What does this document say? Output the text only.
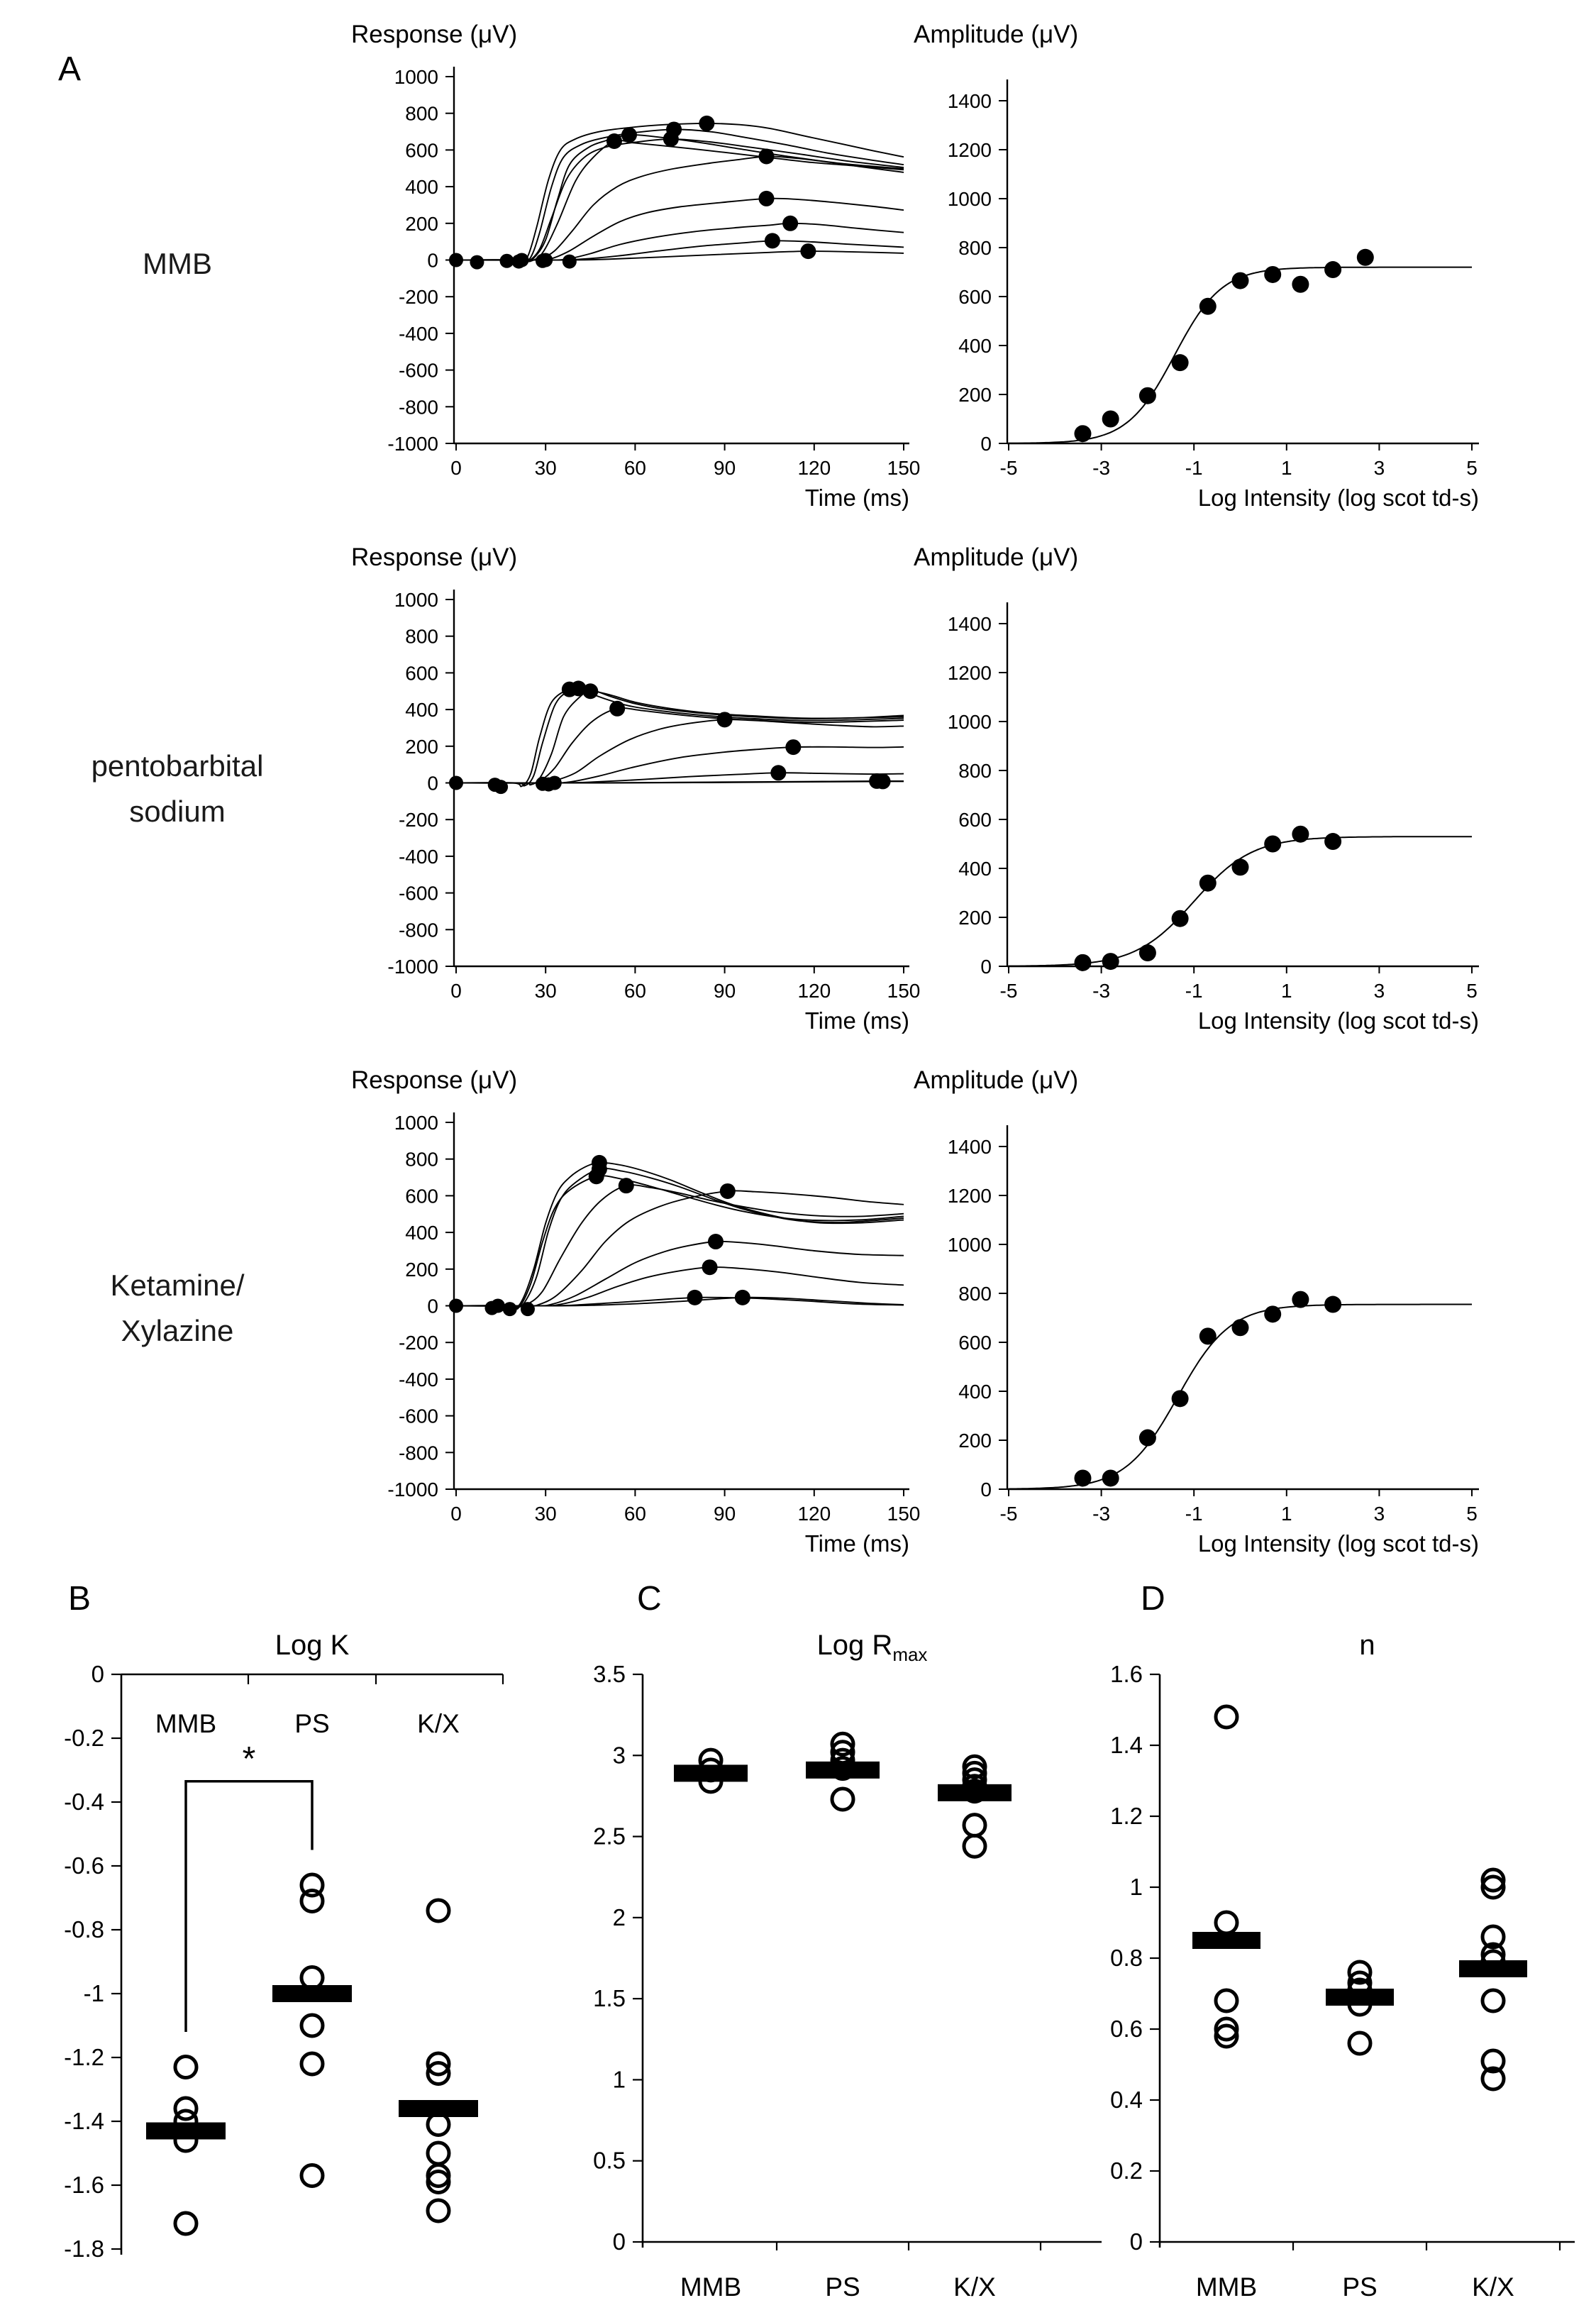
A
B	C	D
MMB
pentobarbital
sodium
Ketamine/
Xylazine
Response (μV)
1000
800
600
400
200
0
-200
-400
-600
-800
-1000
0	30	60	90	120	150
Time (ms)
Amplitude (μV)
0
200
400
600
800
1000
1200
1400
-5	-3	-1	1	3	5
Log Intensity (log scot td-s)
Response (μV)
1000
800
600
400
200
0
-200
-400
-600
-800
-1000
0	30	60	90	120	150
Time (ms)
Amplitude (μV)
0
200
400
600
800
1000
1200
1400
-5	-3	-1	1	3	5
Log Intensity (log scot td-s)
Response (μV)
1000
800
600
400
200
0
-200
-400
-600
-800
-1000
0	30	60	90	120	150
Time (ms)
Amplitude (μV)
0
200
400
600
800
1000
1200
1400
-5	-3	-1	1	3	5
Log Intensity (log scot td-s)
Log K
0
-0.2
-0.4
-0.6
-0.8
-1
-1.2
-1.4
-1.6
-1.8
MMB	PS	K/X
*
Log $R_{max}$
3.5
3
2.5
2
1.5
1
0.5
0
MMB	PS	K/X
n
1.6
1.4
1.2
1
0.8
0.6
0.4
0.2
0
MMB	PS	K/X
